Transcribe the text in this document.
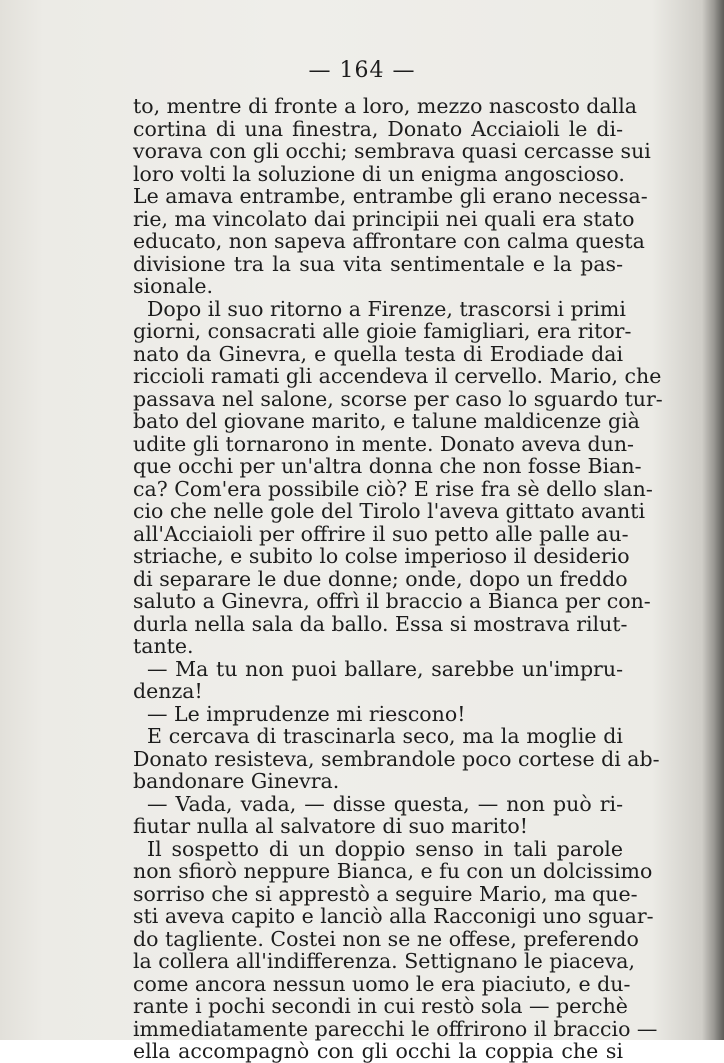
— 164 —
to, mentre di fronte a loro, mezzo nascosto dalla
cortina di una finestra, Donato Acciaioli le di-
vorava con gli occhi; sembrava quasi cercasse sui
loro volti la soluzione di un enigma angoscioso.
Le amava entrambe, entrambe gli erano necessa-
rie, ma vincolato dai principii nei quali era stato
educato, non sapeva affrontare con calma questa
divisione tra la sua vita sentimentale e la pas-
sionale.
Dopo il suo ritorno a Firenze, trascorsi i primi
giorni, consacrati alle gioie famigliari, era ritor-
nato da Ginevra, e quella testa di Erodiade dai
riccioli ramati gli accendeva il cervello. Mario, che
passava nel salone, scorse per caso lo sguardo tur-
bato del giovane marito, e talune maldicenze già
udite gli tornarono in mente. Donato aveva dun-
que occhi per un'altra donna che non fosse Bian-
ca? Com'era possibile ciò? E rise fra sè dello slan-
cio che nelle gole del Tirolo l'aveva gittato avanti
all'Acciaioli per offrire il suo petto alle palle au-
striache, e subito lo colse imperioso il desiderio
di separare le due donne; onde, dopo un freddo
saluto a Ginevra, offrì il braccio a Bianca per con-
durla nella sala da ballo. Essa si mostrava rilut-
tante.
— Ma tu non puoi ballare, sarebbe un'impru-
denza!
— Le imprudenze mi riescono!
E cercava di trascinarla seco, ma la moglie di
Donato resisteva, sembrandole poco cortese di ab-
bandonare Ginevra.
— Vada, vada, — disse questa, — non può ri-
fiutar nulla al salvatore di suo marito!
Il sospetto di un doppio senso in tali parole
non sfiorò neppure Bianca, e fu con un dolcissimo
sorriso che si apprestò a seguire Mario, ma que-
sti aveva capito e lanciò alla Racconigi uno sguar-
do tagliente. Costei non se ne offese, preferendo
la collera all'indifferenza. Settignano le piaceva,
come ancora nessun uomo le era piaciuto, e du-
rante i pochi secondi in cui restò sola — perchè
immediatamente parecchi le offrirono il braccio —
ella accompagnò con gli occhi la coppia che si
